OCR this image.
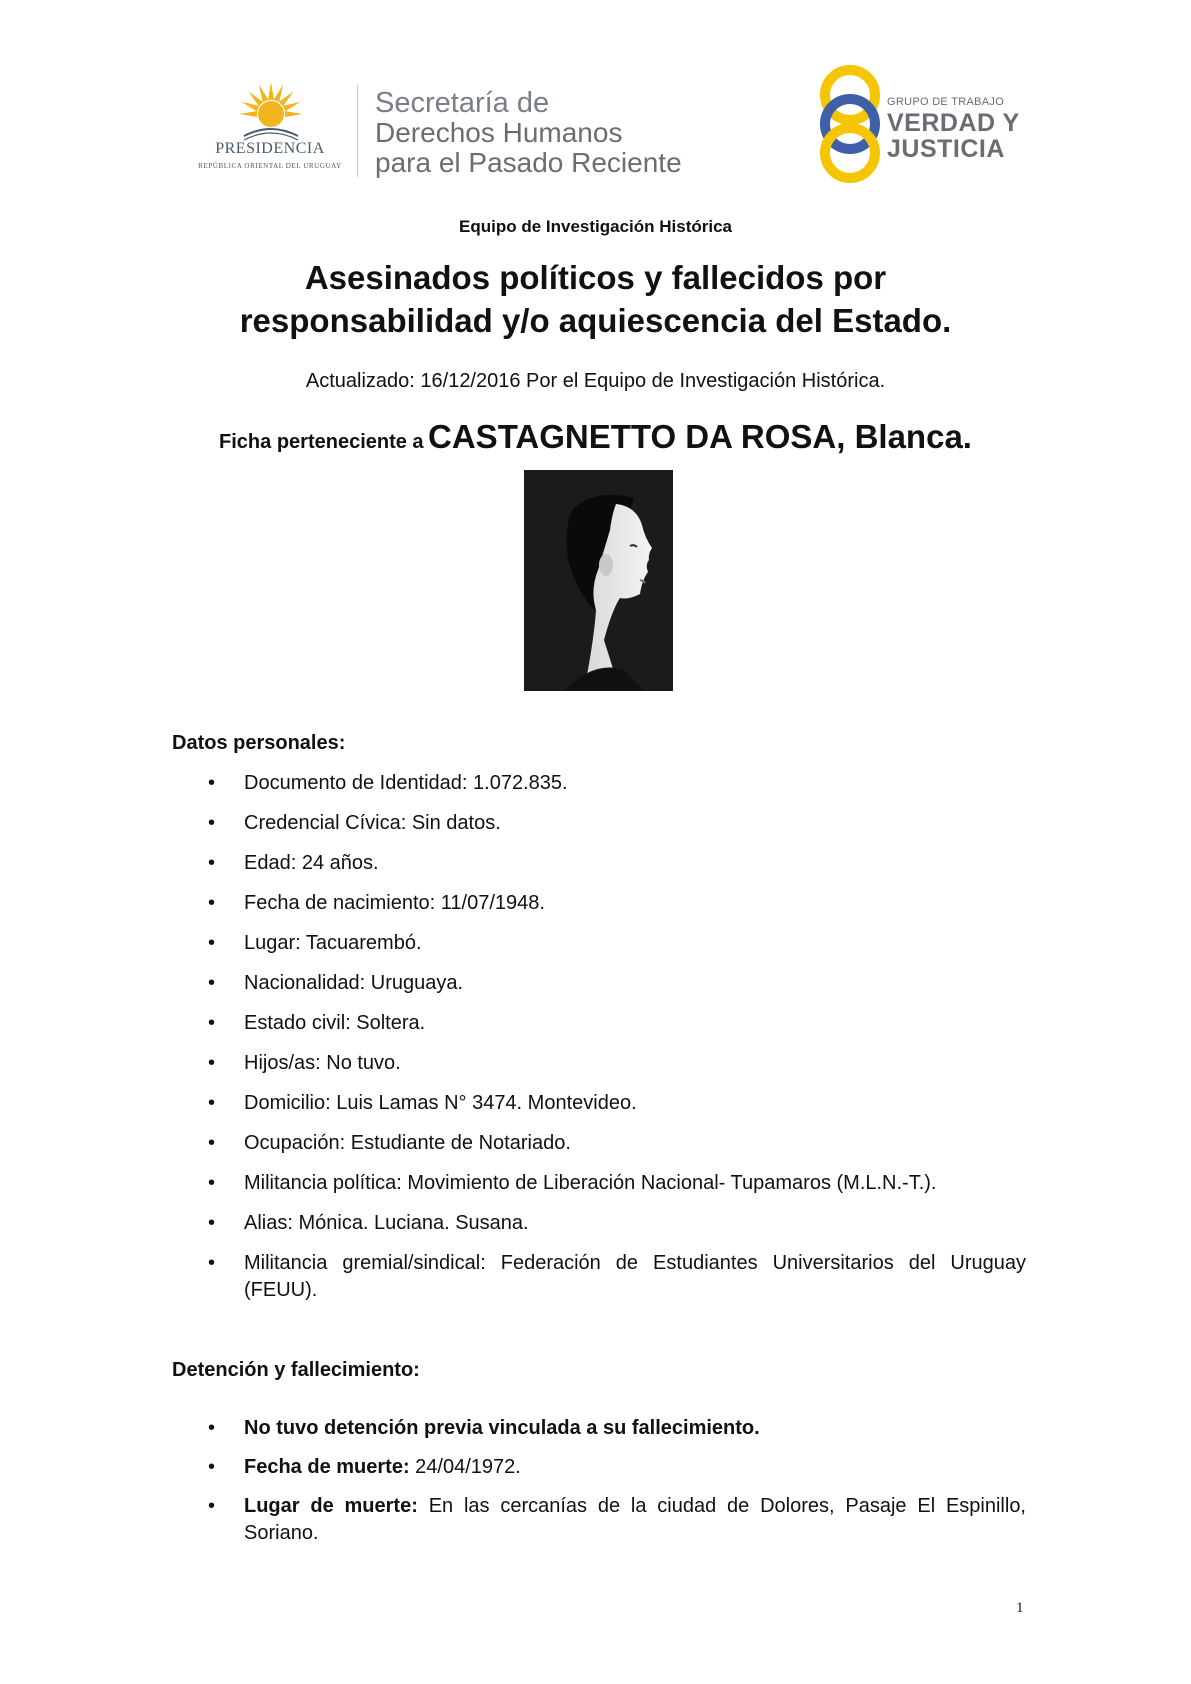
PRESIDENCIA
REPÚBLICA ORIENTAL DEL URUGUAY
Secretaría de
Derechos Humanos
para el Pasado Reciente
GRUPO DE TRABAJO
VERDAD Y
JUSTICIA
Equipo de Investigación Histórica
Asesinados políticos y fallecidos por
responsabilidad y/o aquiescencia del Estado.
Actualizado: 16/12/2016 Por el Equipo de Investigación Histórica.
Ficha perteneciente a CASTAGNETTO DA ROSA, Blanca.
Datos personales:
• Documento de Identidad: 1.072.835.
• Credencial Cívica: Sin datos.
• Edad: 24 años.
• Fecha de nacimiento: 11/07/1948.
• Lugar: Tacuarembó.
• Nacionalidad: Uruguaya.
• Estado civil: Soltera.
• Hijos/as: No tuvo.
• Domicilio: Luis Lamas N° 3474. Montevideo.
• Ocupación: Estudiante de Notariado.
• Militancia política: Movimiento de Liberación Nacional- Tupamaros (M.L.N.-T.).
• Alias: Mónica. Luciana. Susana.
• Militancia gremial/sindical: Federación de Estudiantes Universitarios del Uruguay (FEUU).
Detención y fallecimiento:
• No tuvo detención previa vinculada a su fallecimiento.
• Fecha de muerte: 24/04/1972.
• Lugar de muerte: En las cercanías de la ciudad de Dolores, Pasaje El Espinillo, Soriano.
1
